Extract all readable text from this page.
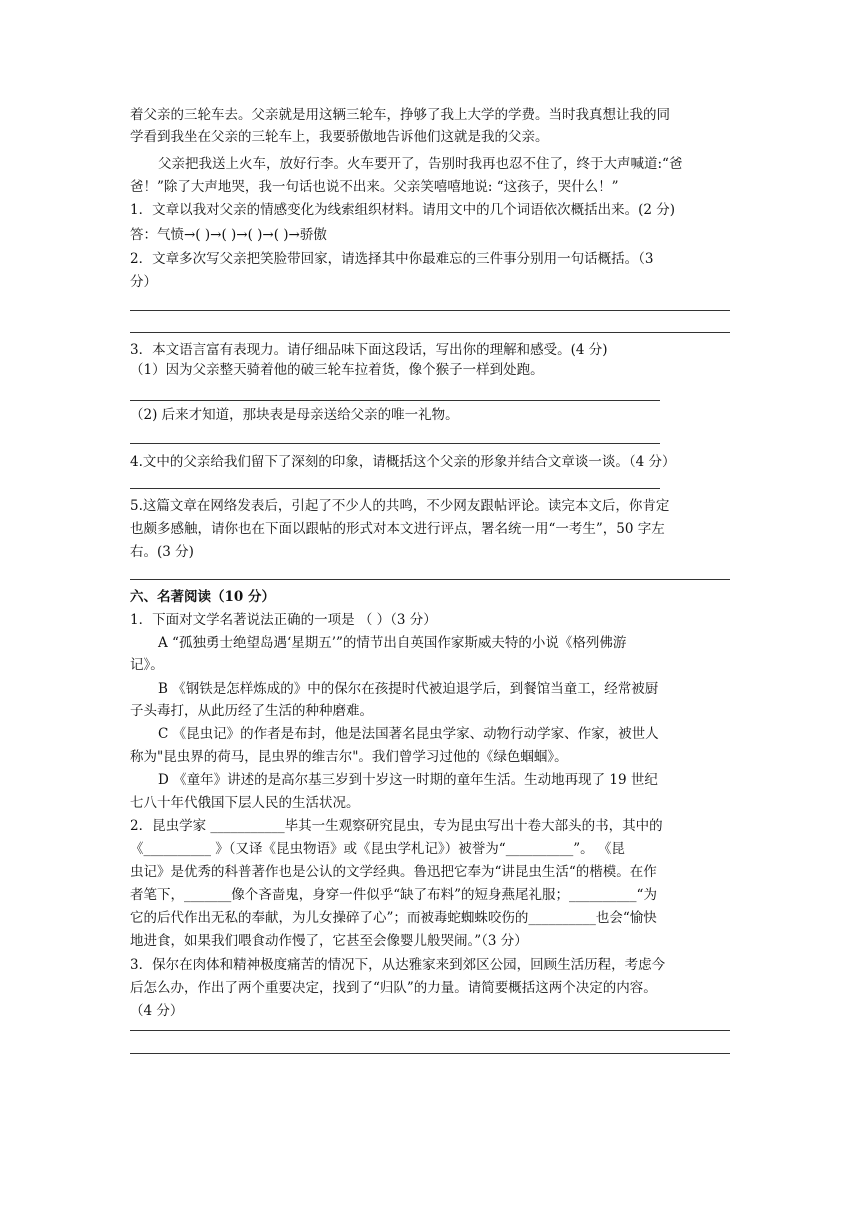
着父亲的三轮车去。父亲就是用这辆三轮车，挣够了我上大学的学费。当时我真想让我的同
学看到我坐在父亲的三轮车上，我要骄傲地告诉他们这就是我的父亲。
父亲把我送上火车，放好行李。火车要开了，告别时我再也忍不住了，终于大声喊道:“爸
爸！”除了大声地哭，我一句话也说不出来。父亲笑嘻嘻地说: “这孩子，哭什么！”
1．文章以我对父亲的情感变化为线索组织材料。请用文中的几个词语依次概括出来。(2 分)
答：气愤→( )→( )→( )→( )→骄傲
2．文章多次写父亲把笑脸带回家，请选择其中你最难忘的三件事分别用一句话概括。（3
分）
3．本文语言富有表现力。请仔细品味下面这段话，写出你的理解和感受。(4 分)
（1）因为父亲整天骑着他的破三轮车拉着货，像个猴子一样到处跑。
（2) 后来才知道，那块表是母亲送给父亲的唯一礼物。
4.文中的父亲给我们留下了深刻的印象，请概括这个父亲的形象并结合文章谈一谈。（4 分）
5.这篇文章在网络发表后，引起了不少人的共鸣，不少网友跟帖评论。读完本文后，你肯定
也颇多感触，请你也在下面以跟帖的形式对本文进行评点，署名统一用“一考生”，50 字左
右。(3 分)
六、名著阅读（10 分）
1．下面对文学名著说法正确的一项是 （ ）（3 分）
A “孤独勇士绝望岛遇‘星期五’”的情节出自英国作家斯威夫特的小说《格列佛游
记》。
B 《钢铁是怎样炼成的》中的保尔在孩提时代被迫退学后，到餐馆当童工，经常被厨
子头毒打，从此历经了生活的种种磨难。
C 《昆虫记》的作者是布封，他是法国著名昆虫学家、动物行动学家、作家，被世人
称为"昆虫界的荷马，昆虫界的维吉尔"。我们曾学习过他的《绿色蝈蝈》。
D 《童年》讲述的是高尔基三岁到十岁这一时期的童年生活。生动地再现了 19 世纪
七八十年代俄国下层人民的生活状况。
2．昆虫学家 ___________毕其一生观察研究昆虫，专为昆虫写出十卷大部头的书，其中的
《__________ 》（又译《昆虫物语》或《昆虫学札记》）被誉为“__________”。 《昆
虫记》是优秀的科普著作也是公认的文学经典。鲁迅把它奉为“讲昆虫生活“的楷模。在作
者笔下，_______像个吝啬鬼，身穿一件似乎“缺了布料”的短身燕尾礼服；__________“为
它的后代作出无私的奉献，为儿女操碎了心”；而被毒蛇蜘蛛咬伤的__________也会“愉快
地进食，如果我们喂食动作慢了，它甚至会像婴儿般哭闹。”（3 分）
3．保尔在肉体和精神极度痛苦的情况下，从达雅家来到郊区公园，回顾生活历程，考虑今
后怎么办，作出了两个重要决定，找到了“归队”的力量。请简要概括这两个决定的内容。
（4 分）
